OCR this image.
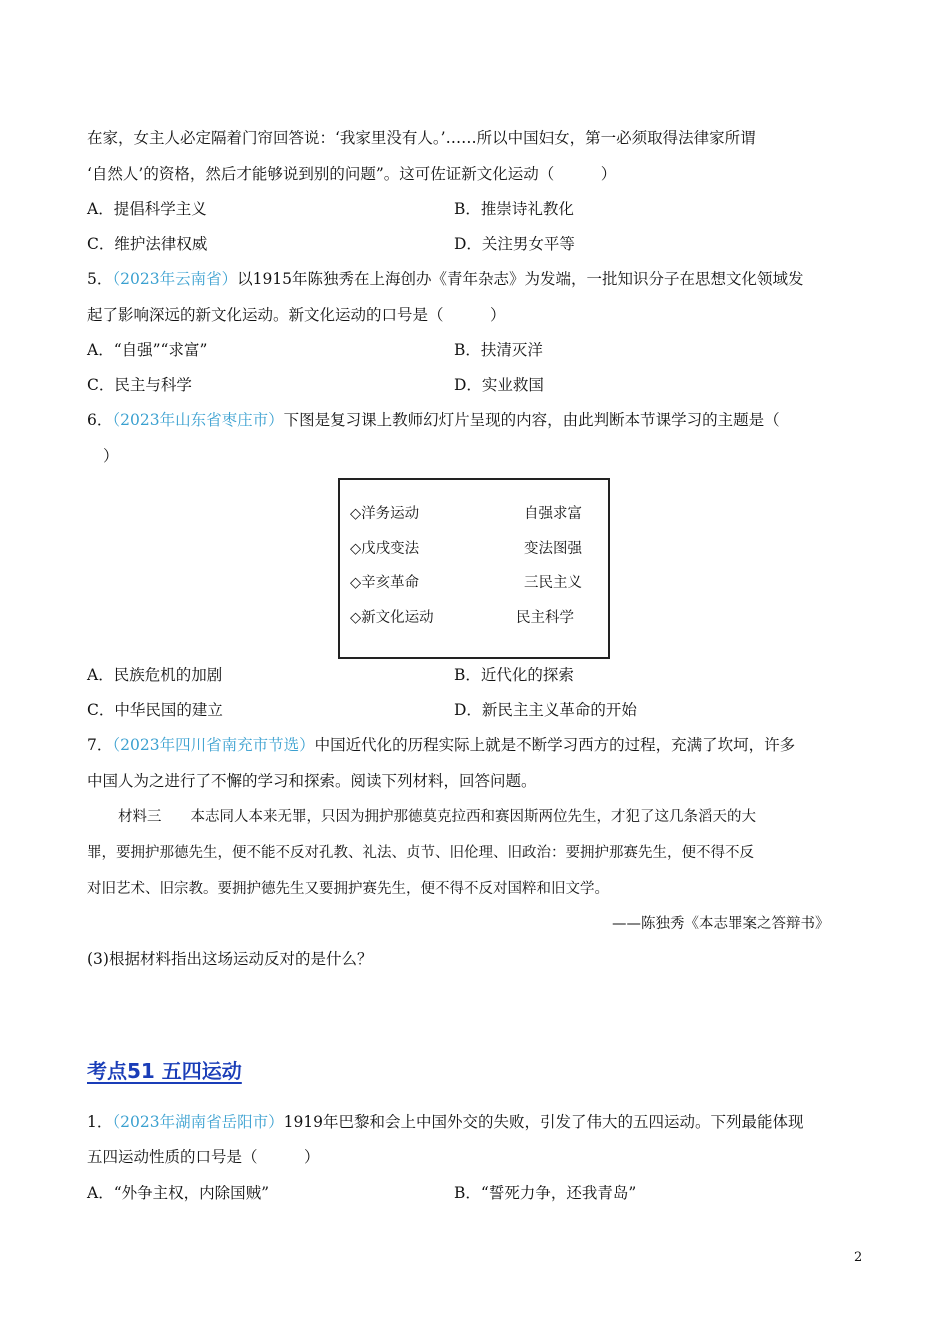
在家，女主人必定隔着门帘回答说：‘我家里没有人。’……所以中国妇女，第一必须取得法律家所谓
‘自然人’的资格，然后才能够说到别的问题”。这可佐证新文化运动（　　　）
A．提倡科学主义	B．推崇诗礼教化
C．维护法律权威	D．关注男女平等
5．（2023年云南省）以1915年陈独秀在上海创办《青年杂志》为发端，一批知识分子在思想文化领域发
起了影响深远的新文化运动。新文化运动的口号是（　　　）
A．“自强”“求富”	B．扶清灭洋
C．民主与科学	D．实业救国
6．（2023年山东省枣庄市）下图是复习课上教师幻灯片呈现的内容，由此判断本节课学习的主题是（
）
◇洋务运动	自强求富
◇戊戌变法	变法图强
◇辛亥革命	三民主义
◇新文化运动	民主科学
A．民族危机的加剧	B．近代化的探索
C．中华民国的建立	D．新民主主义革命的开始
7．（2023年四川省南充市节选）中国近代化的历程实际上就是不断学习西方的过程，充满了坎坷，许多
中国人为之进行了不懈的学习和探索。阅读下列材料，回答问题。
材料三　　本志同人本来无罪，只因为拥护那德莫克拉西和赛因斯两位先生，才犯了这几条滔天的大
罪，要拥护那德先生，便不能不反对孔教、礼法、贞节、旧伦理、旧政治：要拥护那赛先生，便不得不反
对旧艺术、旧宗教。要拥护德先生又要拥护赛先生，便不得不反对国粹和旧文学。
——陈独秀《本志罪案之答辩书》
(3)根据材料指出这场运动反对的是什么？
考点51 五四运动
1．（2023年湖南省岳阳市）1919年巴黎和会上中国外交的失败，引发了伟大的五四运动。下列最能体现
五四运动性质的口号是（　　　）
A．“外争主权，内除国贼”	B．“誓死力争，还我青岛”
2
